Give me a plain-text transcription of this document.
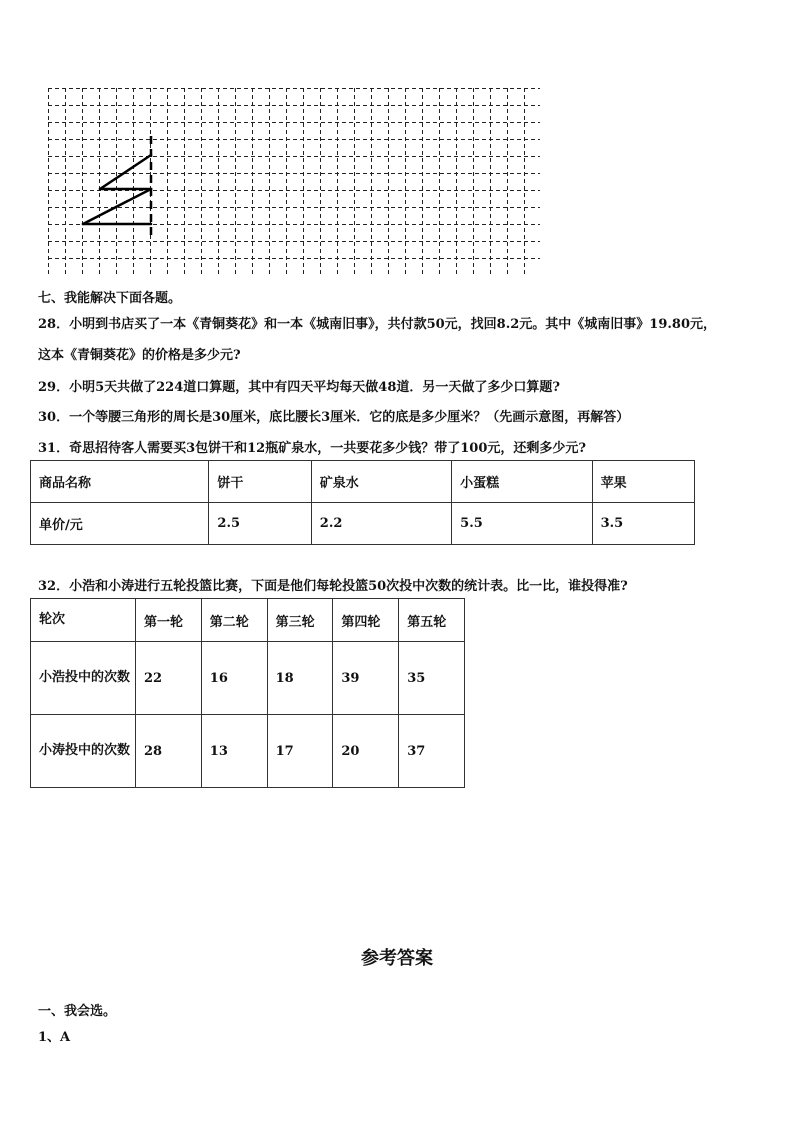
七、我能解决下面各题。
28．小明到书店买了一本《青铜葵花》和一本《城南旧事》，共付款50元，找回8.2元。其中《城南旧事》19.80元，
这本《青铜葵花》的价格是多少元?
29．小明5天共做了224道口算题，其中有四天平均每天做48道．另一天做了多少口算题?
30．一个等腰三角形的周长是30厘米，底比腰长3厘米．它的底是多少厘米？（先画示意图，再解答）
31．奇思招待客人需要买3包饼干和12瓶矿泉水，一共要花多少钱？带了100元，还剩多少元?
商品名称	饼干	矿泉水	小蛋糕	苹果
单价/元	2.5	2.2	5.5	3.5
32．小浩和小涛进行五轮投篮比赛，下面是他们每轮投篮50次投中次数的统计表。比一比，谁投得准?
轮次	第一轮	第二轮	第三轮	第四轮	第五轮
小浩投中的次数	22	16	18	39	35
小涛投中的次数	28	13	17	20	37
参考答案
一、我会选。
1、A
